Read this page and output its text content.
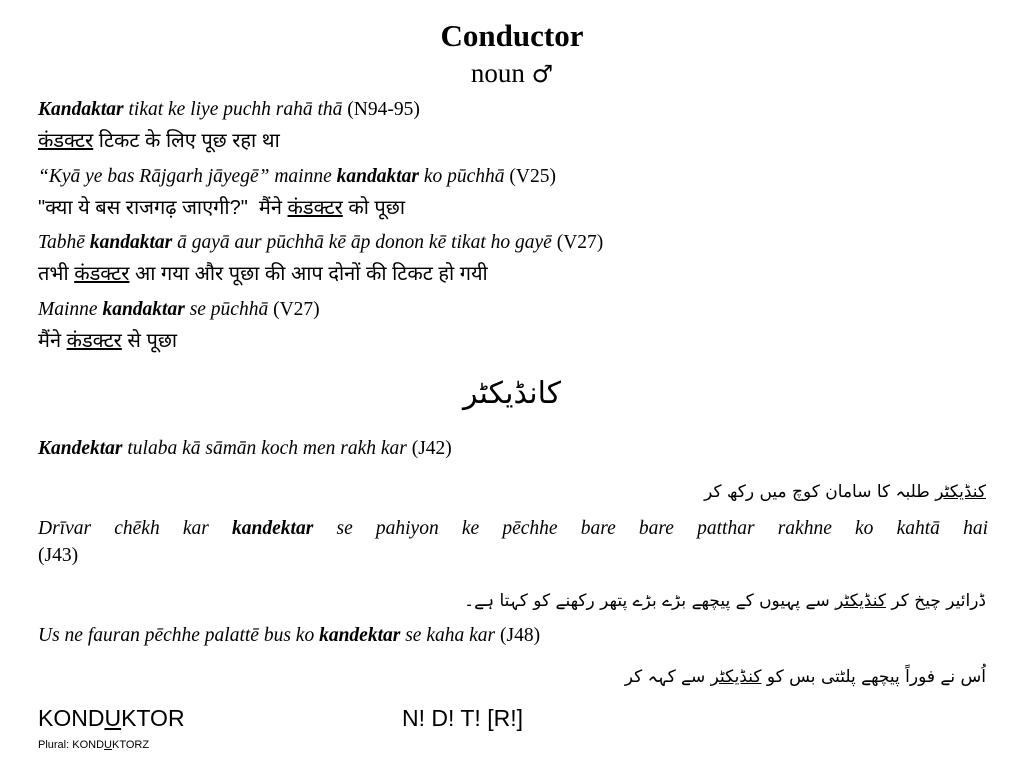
Conductor
noun ♂
Kandaktar tikat ke liye puchh rahā thā (N94-95)
कंडक्टर टिकट के लिए पूछ रहा था
“Kyā ye bas Rājgarh jāyegē” mainne kandaktar ko pūchhā (V25)
"क्या ये बस राजगढ़ जाएगी?"  मैंने कंडक्टर को पूछा
Tabhē kandaktar ā gayā aur pūchhā kē āp donon kē tikat ho gayē (V27)
तभी कंडक्टर आ गया और पूछा की आप दोनों की टिकट हो गयी
Mainne kandaktar se pūchhā (V27)
मैंने कंडक्टर से पूछा
کانڈیکٹر
Kandektar tulaba kā sāmān koch men rakh kar (J42)
کنڈیکٹر طلبہ کا سامان کوچ میں رکھ کر
Drīvar chēkh kar kandektar se pahiyon ke pēchhe bare bare patthar rakhne ko kahtā hai
(J43)
ڈرائیر چیخ کر کنڈیکٹر سے پہیوں کے پیچھے بڑے بڑے پتھر رکھنے کو کہتا ہے۔
Us ne fauran pēchhe palattē bus ko kandektar se kaha kar (J48)
اُس نے فوراً پیچھے پلٹتی بس کو کنڈیکٹر سے کہہ کر
KONDUKTOR
Plural: KONDUKTORZ
N! D! T! [R!]
